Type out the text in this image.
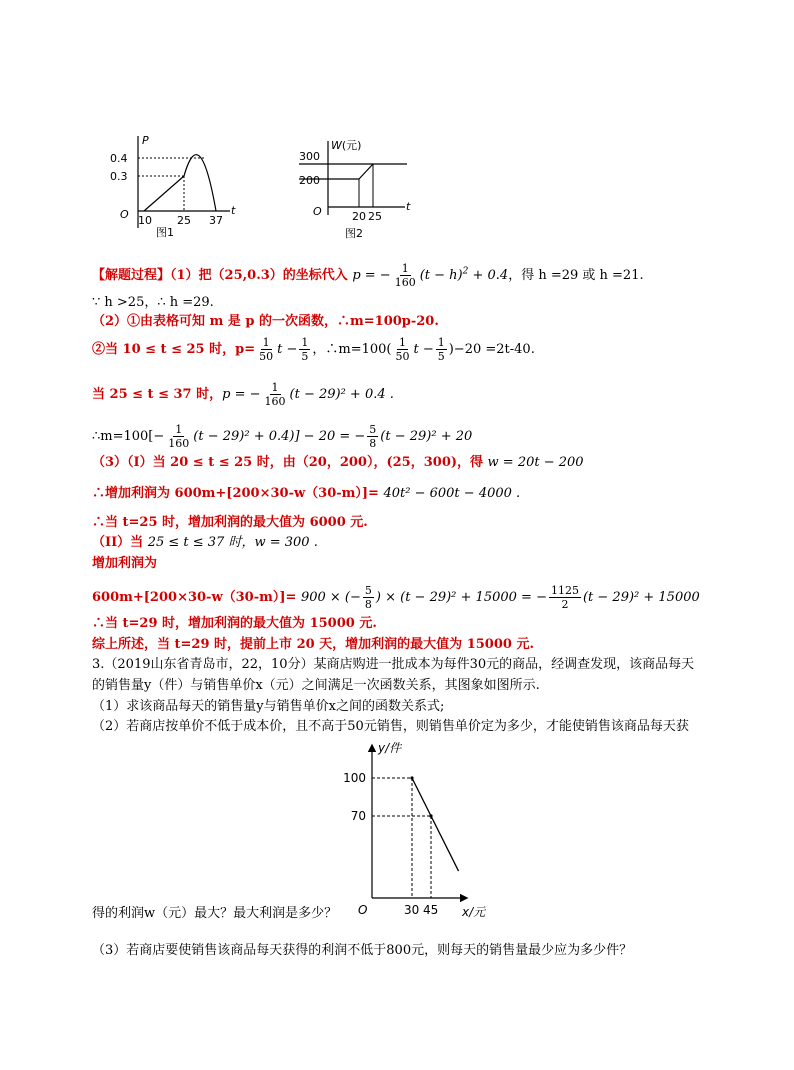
P
0.4
0.3
O 10 25 37
t
图1
W(元)
300
200
O	20 25
t
图2
【解题过程】（1）把（25,0.3）的坐标代入 p = − $\frac{1}{160} (t - h)^2 + 0.4$，得 h =29 或 h =21.
∵ h >25，∴ h =29.
（2）①由表格可知 m 是 p 的一次函数，∴m=100p-20.
②当 10 ≤ t ≤ 25 时，$p= \frac{1}{50}$ $t - \frac{1}{5}$ ，∴m=100( $\frac{1}{50}$ $t - \frac{1}{5} )-20 =2t-40$.
当 25 ≤ t ≤ 37 时，p = − $\frac{1}{160} (t - 29)^2 + 0.4$ .
∴m=100[− $\frac{1}{160} (t - 29)^2 + 0.4)] - 20$ = − $\frac{5}{8} (t - 29)^2 + 20$
（3）（I）当 20 ≤ t ≤ 25 时，由（20，200），(25，300)，得 w = 20t − 200
∴增加利润为 600m+[200×30-w（30-m）]= 40t² − 600t − 4000 .
∴当 t=25 时，增加利润的最大值为 6000 元.
（II）当 25 ≤ t ≤ 37 时，w = 300 .
增加利润为
600m+[200×30-w（30-m）]= 900 × (− $\frac{5}{8}$ ) × (t − 29)² + 15000 = − $\frac{1125}{2} (t - 29)^2 + 15000$
∴当 t=29 时，增加利润的最大值为 15000 元.
综上所述，当 t=29 时，提前上市 20 天，增加利润的最大值为 15000 元.
3.（2019山东省青岛市，22，10分）某商店购进一批成本为每件30元的商品，经调查发现，该商品每天
的销售量y（件）与销售单价x（元）之间满足一次函数关系，其图象如图所示.
（1）求该商品每天的销售量y与销售单价x之间的函数关系式;
（2）若商店按单价不低于成本价，且不高于50元销售，则销售单价定为多少，才能使销售该商品每天获
y/件
x/元
O	30
100
45
70
得的利润w（元）最大？最大利润是多少？
（3）若商店要使销售该商品每天获得的利润不低于800元，则每天的销售量最少应为多少件？
